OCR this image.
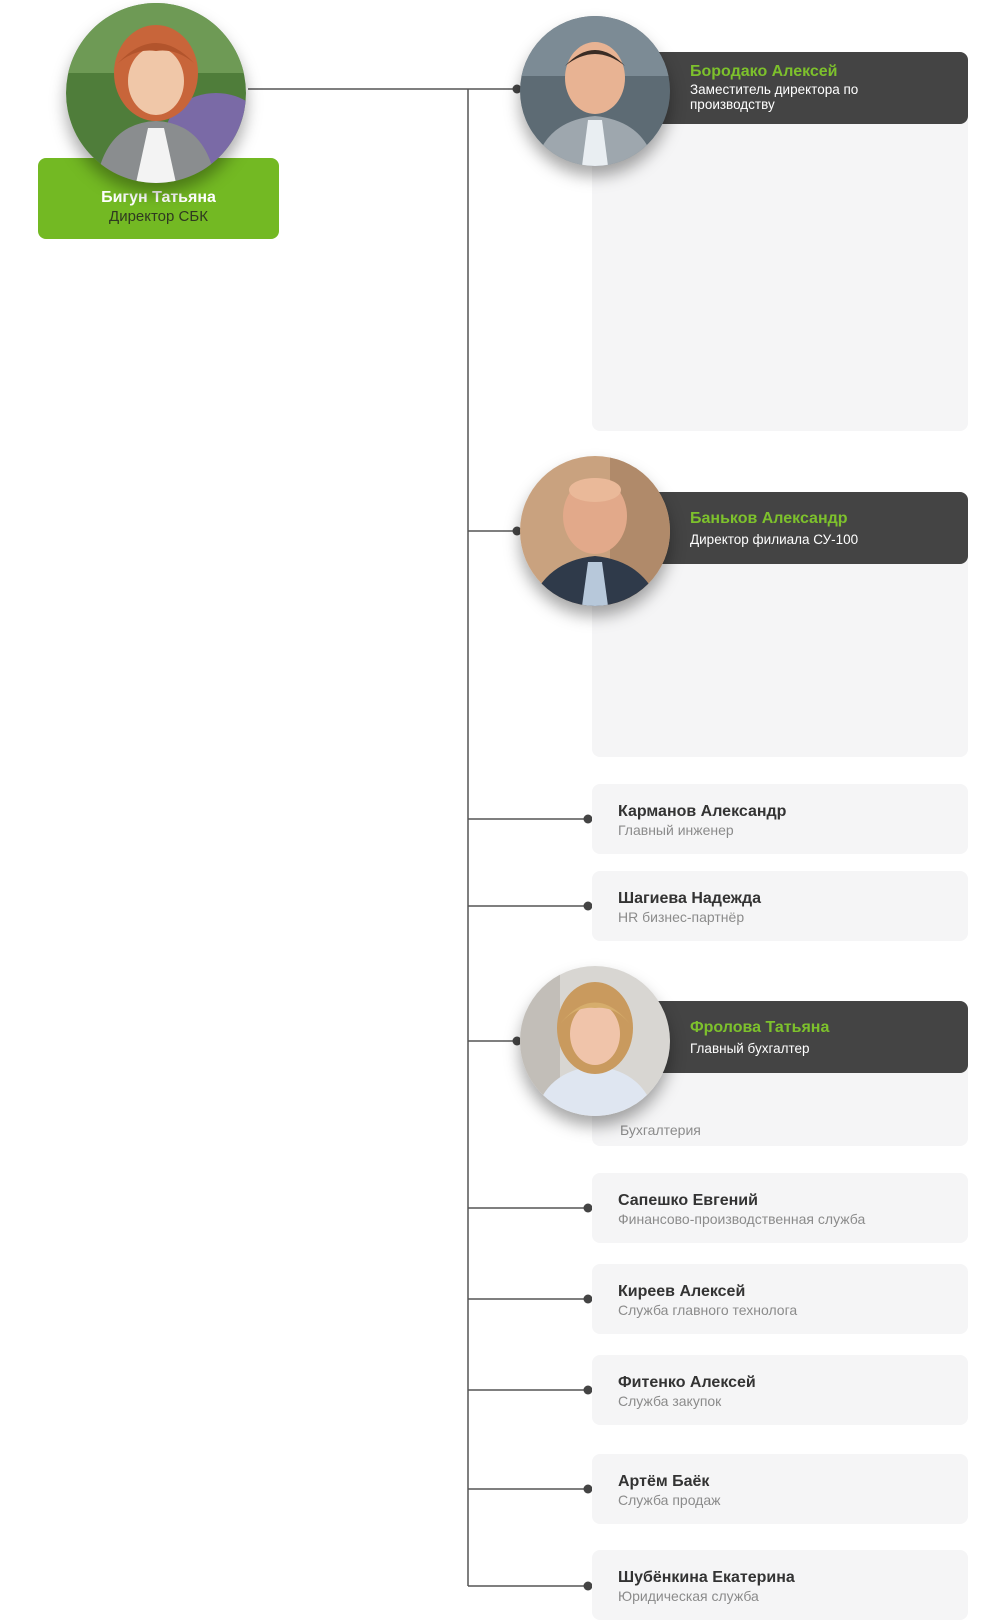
Бигун Татьяна
Директор СБК
Бородако Алексей
Заместитель директора по производству
Баньков Александр
Директор филиала СУ-100
Карманов Александр
Главный инженер
Шагиева Надежда
HR бизнес-партнёр
Фролова Татьяна
Главный бухгалтер
Бухгалтерия
Сапешко Евгений
Финансово-производственная служба
Киреев Алексей
Служба главного технолога
Фитенко Алексей
Служба закупок
Артём Баёк
Служба продаж
Шубёнкина Екатерина
Юридическая служба
